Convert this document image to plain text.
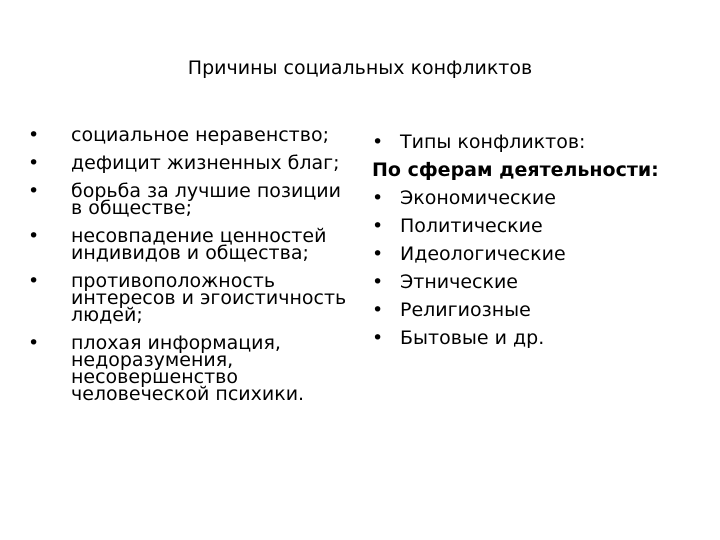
Причины социальных конфликтов
• социальное неравенство;
• дефицит жизненных благ;
• борьба за лучшие позиции в обществе;
• несовпадение ценностей индивидов и общества;
• противоположность интересов и эгоистичность людей;
• плохая информация, недоразумения, несовершенство человеческой психики.
• Типы конфликтов:
По сферам деятельности:
• Экономические
• Политические
• Идеологические
• Этнические
• Религиозные
• Бытовые и др.
